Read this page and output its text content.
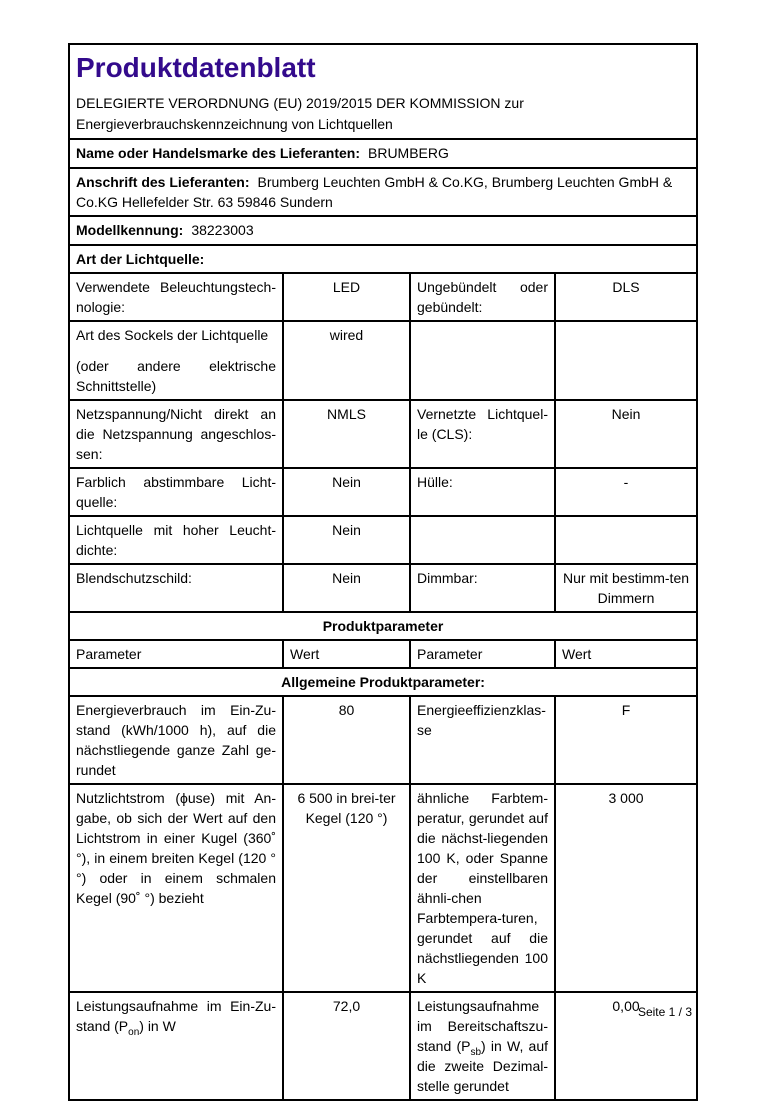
Produktdatenblatt
DELEGIERTE VERORDNUNG (EU) 2019/2015 DER KOMMISSION zur Energieverbrauchskennzeichnung von Lichtquellen			

Name oder Handelsmarke des Lieferanten: BRUMBERG			
Anschrift des Lieferanten: Brumberg Leuchten GmbH & Co.KG, Brumberg Leuchten GmbH & Co.KG Hellefelder Str. 63 59846 Sundern			
Modellkennung: 38223003			
Art der Lichtquelle:			
Verwendete Beleuchtungstech-nologie:	LED	Ungebündelt oder gebündelt:	DLS

Art des Sockels der Lichtquelle
(oder andere elektrische Schnittstelle)	wired		
Netzspannung/Nicht direkt an die Netzspannung angeschlos-sen:	NMLS	Vernetzte Lichtquel-le (CLS):	Nein
Farblich abstimmbare Licht-quelle:	Nein	Hülle:	-
Lichtquelle mit hoher Leucht-dichte:	Nein		
Blendschutzschild:	Nein	Dimmbar:	Nur mit bestimm-ten Dimmern
Produktparameter			
Parameter	Wert	Parameter	Wert
Allgemeine Produktparameter:			
Energieverbrauch im Ein-Zu-stand (kWh/1000 h), auf die nächstliegende ganze Zahl ge-rundet	80	Energieeffizienzklas-se	F
Nutzlichtstrom (ϕuse) mit An-gabe, ob sich der Wert auf den Lichtstrom in einer Kugel (360˚ °), in einem breiten Kegel (120 °°) oder in einem schmalen Kegel (90˚ °) bezieht	6 500 in brei-ter Kegel (120 °)	ähnliche Farbtem-peratur, gerundet auf die nächst-liegenden 100 K, oder Spanne der einstellbaren ähnli-chen Farbtempera-turen, gerundet auf die nächstliegenden 100 K	3 000
Leistungsaufnahme im Ein-Zu-stand $(P_{on})$ in W	72,0	Leistungsaufnahme im Bereitschaftszu-stand $(P_{sb})$ in W, auf die zweite Dezimal-stelle gerundet	0,00
Seite 1 / 3
